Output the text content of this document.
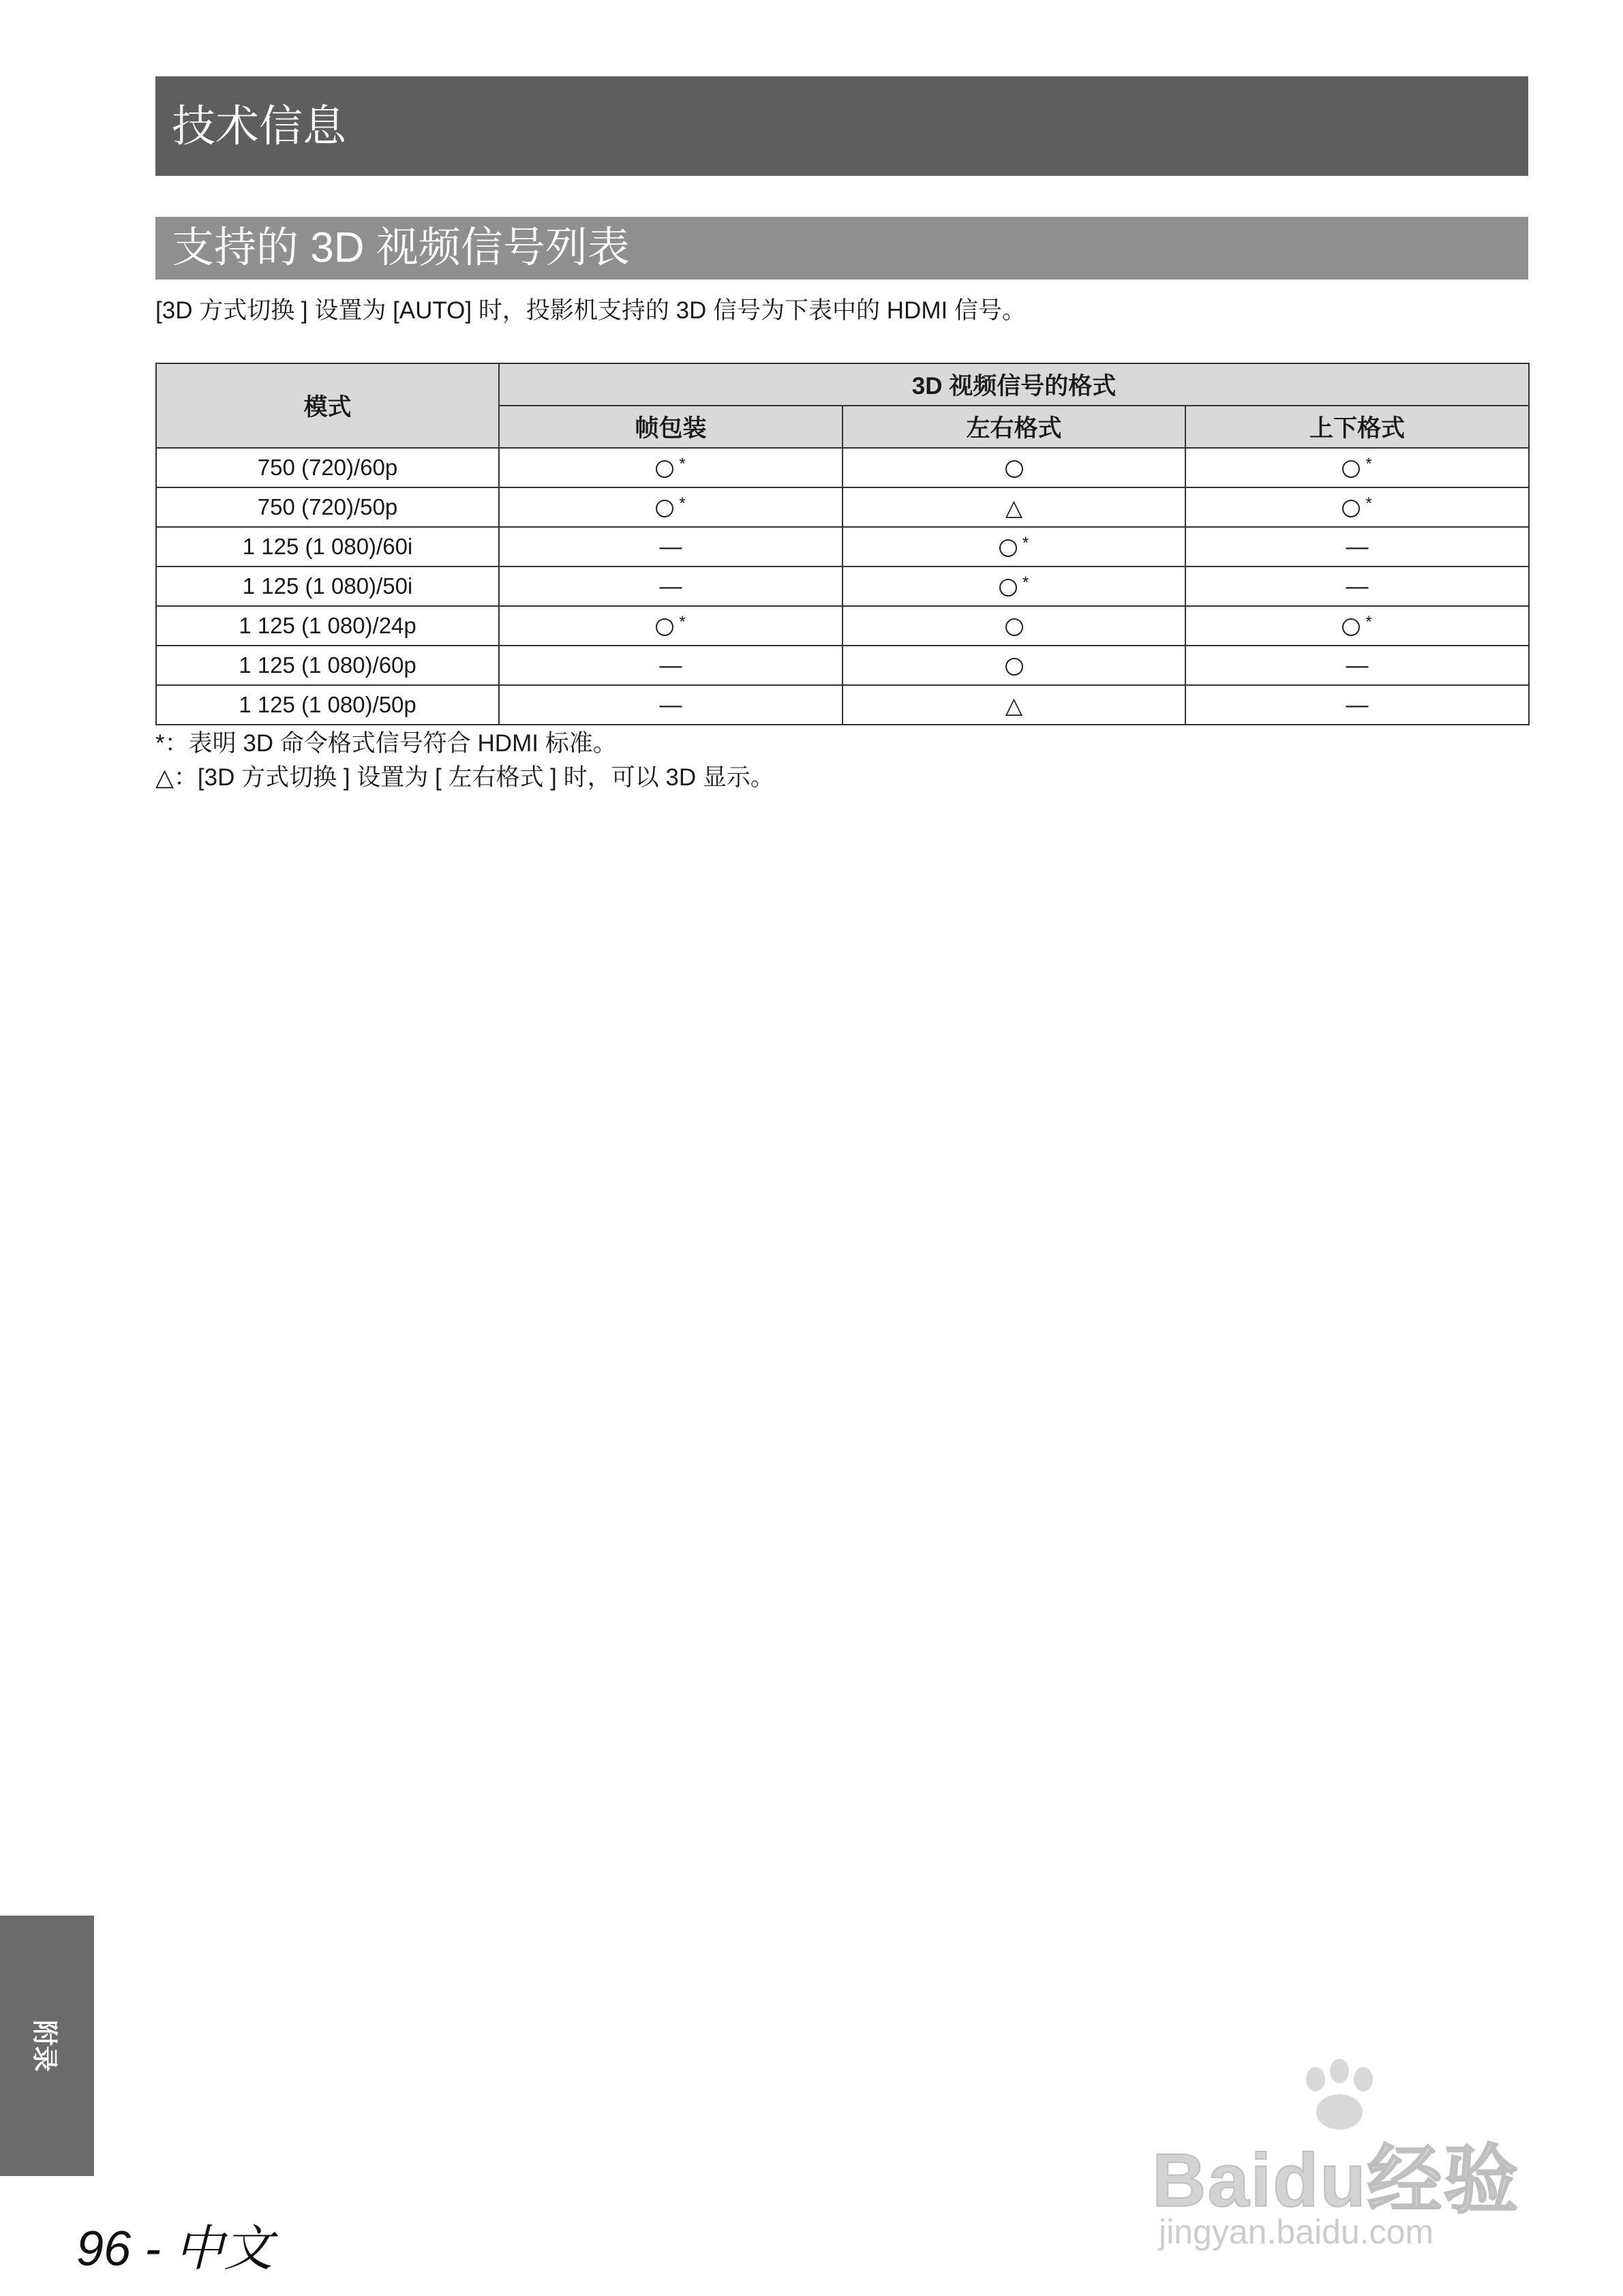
技术信息
支持的 3D 视频信号列表
[3D 方式切换 ] 设置为 [AUTO] 时，投影机支持的 3D 信号为下表中的 HDMI 信号。
模式	3D 视频信号的格式		
	帧包装	左右格式	上下格式
750 (720)/60p	*		*
750 (720)/50p	*	△	*
1 125 (1 080)/60i	—	*	—
1 125 (1 080)/50i	—	*	—
1 125 (1 080)/24p	*		*
1 125 (1 080)/60p	—		—
1 125 (1 080)/50p	—	△	—
*：表明 3D 命令格式信号符合 HDMI 标准。
△：[3D 方式切换 ] 设置为 [ 左右格式 ] 时，可以 3D 显示。
附录
96 - 中文
Baidu经验
jingyan.baidu.com
